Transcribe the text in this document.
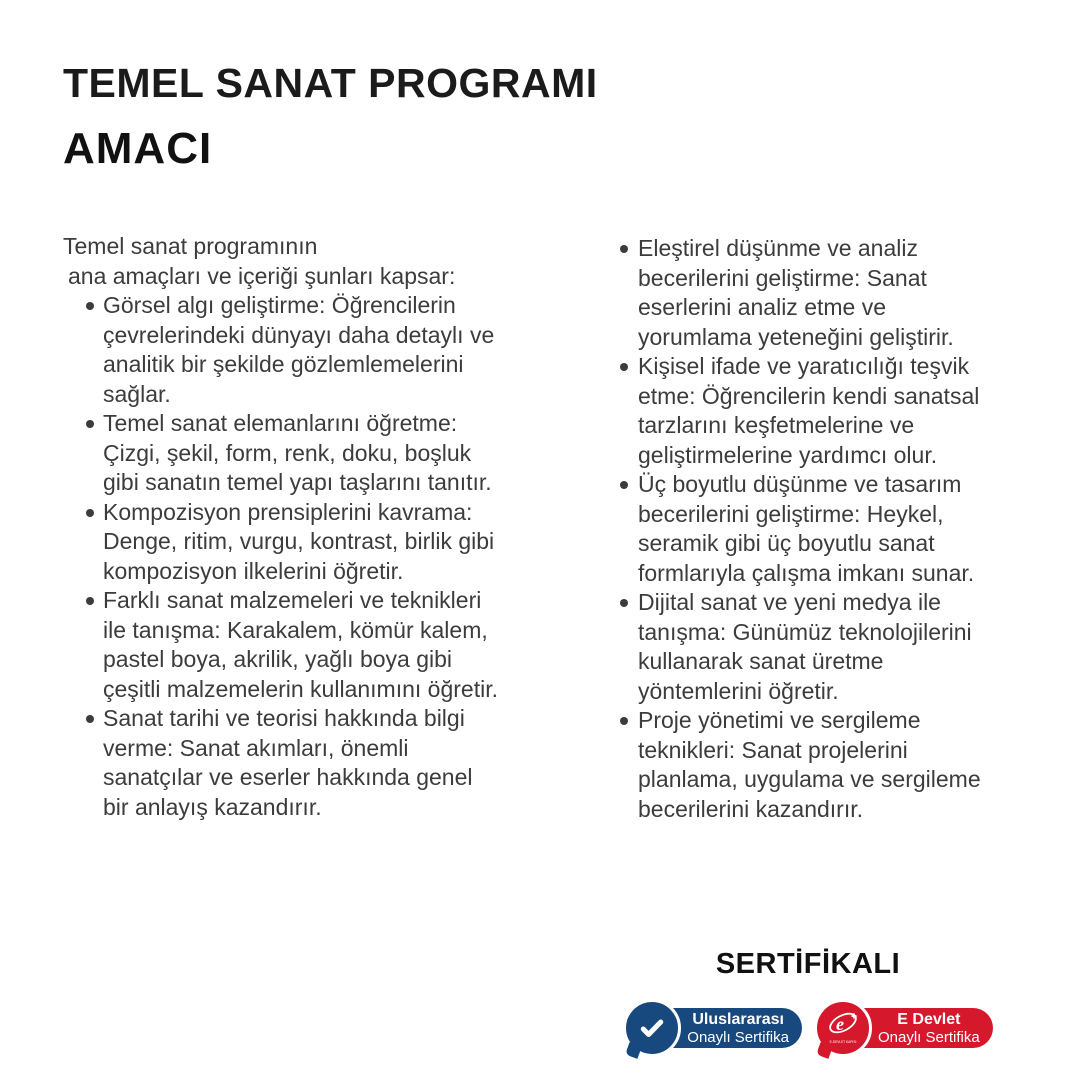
TEMEL SANAT PROGRAMI
AMACI
Temel sanat programının
ana amaçları ve içeriği şunları kapsar:
Görsel algı geliştirme: Öğrencilerin çevrelerindeki dünyayı daha detaylı ve analitik bir şekilde gözlemlemelerini sağlar.
Temel sanat elemanlarını öğretme: Çizgi, şekil, form, renk, doku, boşluk gibi sanatın temel yapı taşlarını tanıtır.
Kompozisyon prensiplerini kavrama: Denge, ritim, vurgu, kontrast, birlik gibi kompozisyon ilkelerini öğretir.
Farklı sanat malzemeleri ve teknikleri ile tanışma: Karakalem, kömür kalem, pastel boya, akrilik, yağlı boya gibi çeşitli malzemelerin kullanımını öğretir.
Sanat tarihi ve teorisi hakkında bilgi verme: Sanat akımları, önemli sanatçılar ve eserler hakkında genel bir anlayış kazandırır.
Eleştirel düşünme ve analiz becerilerini geliştirme: Sanat eserlerini analiz etme ve yorumlama yeteneğini geliştirir.
Kişisel ifade ve yaratıcılığı teşvik etme: Öğrencilerin kendi sanatsal tarzlarını keşfetmelerine ve geliştirmelerine yardımcı olur.
Üç boyutlu düşünme ve tasarım becerilerini geliştirme: Heykel, seramik gibi üç boyutlu sanat formlarıyla çalışma imkanı sunar.
Dijital sanat ve yeni medya ile tanışma: Günümüz teknolojilerini kullanarak sanat üretme yöntemlerini öğretir.
Proje yönetimi ve sergileme teknikleri: Sanat projelerini planlama, uygulama ve sergileme becerilerini kazandırır.
SERTİFİKALI
Uluslararası
Onaylı Sertifika
e
E-DEVLET KAPISI
E Devlet
Onaylı Sertifika
